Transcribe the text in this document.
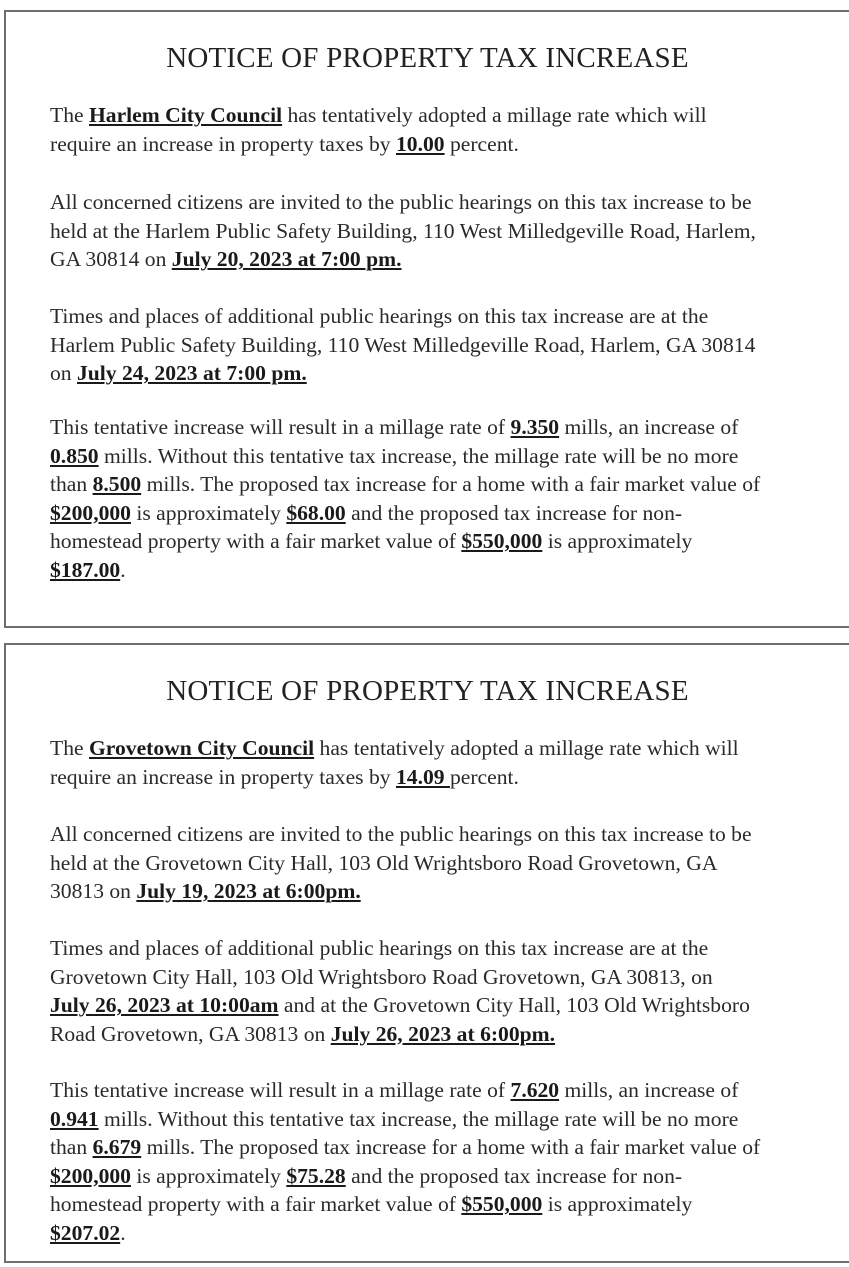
NOTICE OF PROPERTY TAX INCREASE
The Harlem City Council has tentatively adopted a millage rate which will
require an increase in property taxes by 10.00 percent.
All concerned citizens are invited to the public hearings on this tax increase to be
held at the Harlem Public Safety Building, 110 West Milledgeville Road, Harlem,
GA 30814 on July 20, 2023 at 7:00 pm.
Times and places of additional public hearings on this tax increase are at the
Harlem Public Safety Building, 110 West Milledgeville Road, Harlem, GA 30814
on July 24, 2023 at 7:00 pm.
This tentative increase will result in a millage rate of 9.350 mills, an increase of
0.850 mills. Without this tentative tax increase, the millage rate will be no more
than 8.500 mills. The proposed tax increase for a home with a fair market value of
$200,000 is approximately $68.00 and the proposed tax increase for non-
homestead property with a fair market value of $550,000 is approximately
$187.00.
NOTICE OF PROPERTY TAX INCREASE
The Grovetown City Council has tentatively adopted a millage rate which will
require an increase in property taxes by 14.09 percent.
All concerned citizens are invited to the public hearings on this tax increase to be
held at the Grovetown City Hall, 103 Old Wrightsboro Road Grovetown, GA
30813 on July 19, 2023 at 6:00pm.
Times and places of additional public hearings on this tax increase are at the
Grovetown City Hall, 103 Old Wrightsboro Road Grovetown, GA 30813, on
July 26, 2023 at 10:00am and at the Grovetown City Hall, 103 Old Wrightsboro
Road Grovetown, GA 30813 on July 26, 2023 at 6:00pm.
This tentative increase will result in a millage rate of 7.620 mills, an increase of
0.941 mills. Without this tentative tax increase, the millage rate will be no more
than 6.679 mills. The proposed tax increase for a home with a fair market value of
$200,000 is approximately $75.28 and the proposed tax increase for non-
homestead property with a fair market value of $550,000 is approximately
$207.02.
